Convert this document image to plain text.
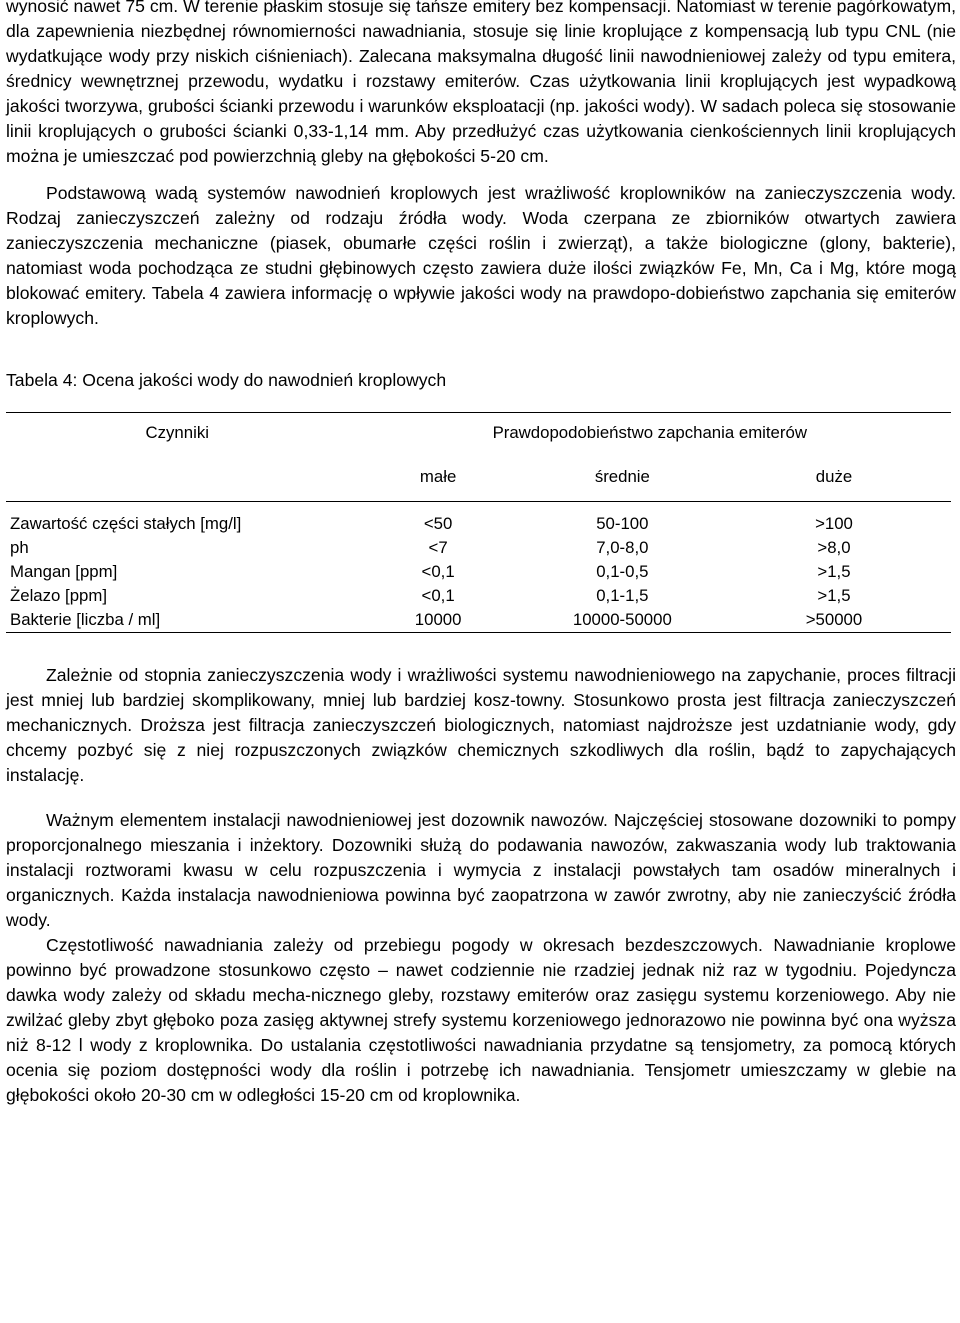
wynosić nawet 75 cm. W terenie płaskim stosuje się tańsze emitery bez kompensacji. Natomiast w terenie pagórkowatym, dla zapewnienia niezbędnej równomierności nawadniania, stosuje się linie kroplujące z kompensacją lub typu CNL (nie wydatkujące wody przy niskich ciśnieniach). Zalecana maksymalna długość linii nawodnieniowej zależy od typu emitera, średnicy wewnętrznej przewodu, wydatku i rozstawy emiterów. Czas użytkowania linii kroplujących jest wypadkową jakości tworzywa, grubości ścianki przewodu i warunków eksploatacji (np. jakości wody). W sadach poleca się stosowanie linii kroplujących o grubości ścianki 0,33-1,14 mm. Aby przedłużyć czas użytkowania cienkościennych linii kroplujących można je umieszczać pod powierzchnią gleby na głębokości 5-20 cm.

Podstawową wadą systemów nawodnień kroplowych jest wrażliwość kroplowników na zanieczyszczenia wody. Rodzaj zanieczyszczeń zależny od rodzaju źródła wody. Woda czerpana ze zbiorników otwartych zawiera zanieczyszczenia mechaniczne (piasek, obumarłe części roślin i zwierząt), a także biologiczne (glony, bakterie), natomiast woda pochodząca ze studni głębinowych często zawiera duże ilości związków Fe, Mn, Ca i Mg, które mogą blokować emitery. Tabela 4 zawiera informację o wpływie jakości wody na prawdopo-dobieństwo zapchania się emiterów kroplowych.

Tabela 4: Ocena jakości wody do nawodnień kroplowych

Czynniki	Prawdopodobieństwo zapchania emiterów		
	małe	średnie	duże

Zawartość części stałych [mg/l]	<50	50-100	>100
ph	<7	7,0-8,0	>8,0
Mangan [ppm]	<0,1	0,1-0,5	>1,5
Żelazo [ppm]	<0,1	0,1-1,5	>1,5
Bakterie [liczba / ml]	10000	10000-50000	>50000

Zależnie od stopnia zanieczyszczenia wody i wrażliwości systemu nawodnieniowego na zapychanie, proces filtracji jest mniej lub bardziej skomplikowany, mniej lub bardziej kosz-towny. Stosunkowo prosta jest filtracja zanieczyszczeń mechanicznych. Droższa jest filtracja zanieczyszczeń biologicznych, natomiast najdroższe jest uzdatnianie wody, gdy chcemy pozbyć się z niej rozpuszczonych związków chemicznych szkodliwych dla roślin, bądź to zapychających instalację.

Ważnym elementem instalacji nawodnieniowej jest dozownik nawozów. Najczęściej stosowane dozowniki to pompy proporcjonalnego mieszania i inżektory. Dozowniki służą do podawania nawozów, zakwaszania wody lub traktowania instalacji roztworami kwasu w celu rozpuszczenia i wymycia z instalacji powstałych tam osadów mineralnych i organicznych. Każda instalacja nawodnieniowa powinna być zaopatrzona w zawór zwrotny, aby nie zanieczyścić źródła wody.

Częstotliwość nawadniania zależy od przebiegu pogody w okresach bezdeszczowych. Nawadnianie kroplowe powinno być prowadzone stosunkowo często – nawet codziennie nie rzadziej jednak niż raz w tygodniu. Pojedyncza dawka wody zależy od składu mecha-nicznego gleby, rozstawy emiterów oraz zasięgu systemu korzeniowego. Aby nie zwilżać gleby zbyt głęboko poza zasięg aktywnej strefy systemu korzeniowego jednorazowo nie powinna być ona wyższa niż 8-12 l wody z kroplownika. Do ustalania częstotliwości nawadniania przydatne są tensjometry, za pomocą których ocenia się poziom dostępności wody dla roślin i potrzebę ich nawadniania. Tensjometr umieszczamy w glebie na głębokości około 20-30 cm w odległości 15-20 cm od kroplownika.
